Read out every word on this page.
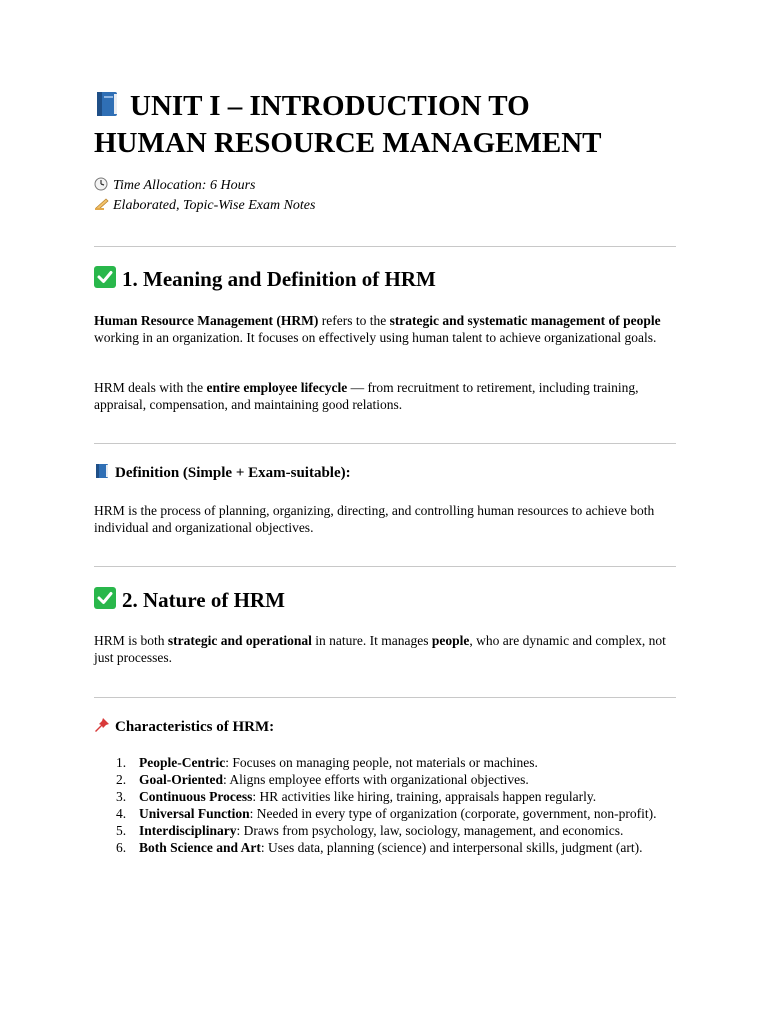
UNIT I – INTRODUCTION TO
HUMAN RESOURCE MANAGEMENT
Time Allocation: 6 Hours
Elaborated, Topic-Wise Exam Notes
1. Meaning and Definition of HRM

Human Resource Management (HRM) refers to the strategic and systematic management of people working in an organization. It focuses on effectively using human talent to achieve organizational goals.

HRM deals with the entire employee lifecycle — from recruitment to retirement, including training, appraisal, compensation, and maintaining good relations.

Definition (Simple + Exam-suitable):

HRM is the process of planning, organizing, directing, and controlling human resources to achieve both individual and organizational objectives.

2. Nature of HRM

HRM is both strategic and operational in nature. It manages people, who are dynamic and complex, not just processes.

Characteristics of HRM:
1. People-Centric: Focuses on managing people, not materials or machines.
2. Goal-Oriented: Aligns employee efforts with organizational objectives.
3. Continuous Process: HR activities like hiring, training, appraisals happen regularly.
4. Universal Function: Needed in every type of organization (corporate, government, non-profit).
5. Interdisciplinary: Draws from psychology, law, sociology, management, and economics.
6. Both Science and Art: Uses data, planning (science) and interpersonal skills, judgment (art).
